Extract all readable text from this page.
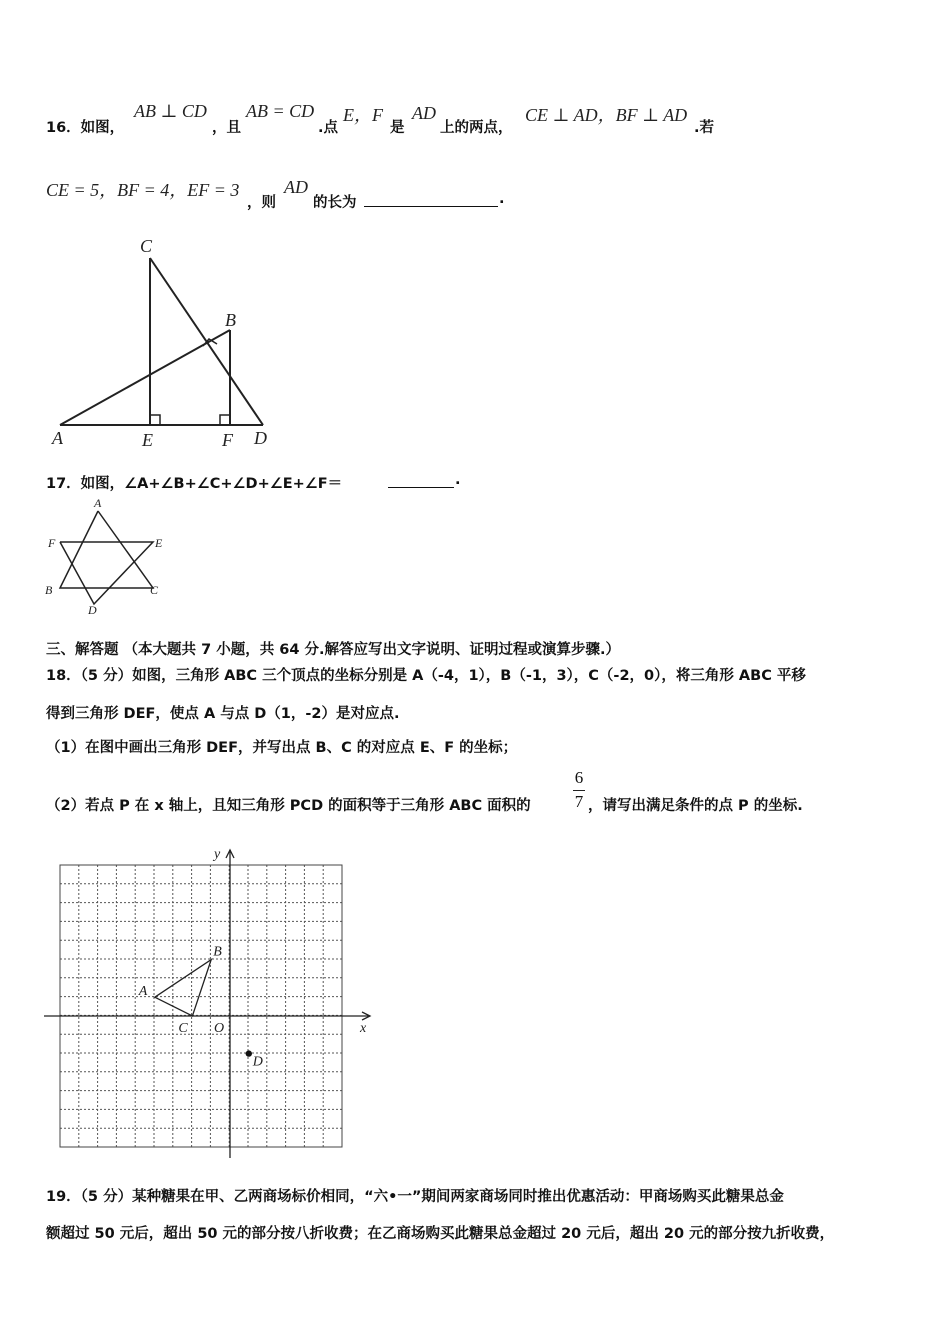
16．如图，
AB ⊥ CD
，且
AB = CD
.点
E，F
是
AD
上的两点，
CE ⊥ AD，BF ⊥ AD
.若
CE = 5，BF = 4，EF = 3
，则
AD
的长为	.
C
B
A	E	F D
17．如图，∠A+∠B+∠C+∠D+∠E+∠F＝	.
A
F	E
B	C
D
三、解答题 （本大题共 7 小题，共 64 分.解答应写出文字说明、证明过程或演算步骤.）
18．（5 分）如图，三角形 ABC 三个顶点的坐标分别是 A（-4，1），B（-1，3），C（-2，0），将三角形 ABC 平移
得到三角形 DEF，使点 A 与点 D（1，-2）是对应点.
（1）在图中画出三角形 DEF，并写出点 B、C 的对应点 E、F 的坐标；
（2）若点 P 在 x 轴上，且知三角形 PCD 的面积等于三角形 ABC 面积的
6
7 ，请写出满足条件的点 P 的坐标.
x
y
O
A
B
C
D
19．（5 分）某种糖果在甲、乙两商场标价相同，“六•一”期间两家商场同时推出优惠活动：甲商场购买此糖果总金
额超过 50 元后，超出 50 元的部分按八折收费；在乙商场购买此糖果总金超过 20 元后，超出 20 元的部分按九折收费，
